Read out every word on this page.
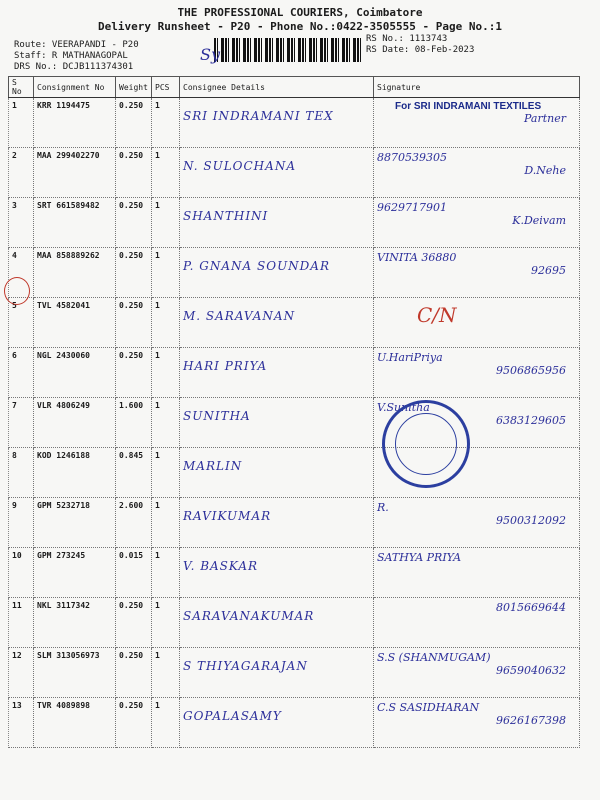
THE PROFESSIONAL COURIERS, Coimbatore
Delivery Runsheet - P20 - Phone No.:0422-3505555 - Page No.:1
Route: VEERAPANDI - P20
Staff: R MATHANAGOPAL
DRS No.: DCJB111374301
RS No.: 1113743
RS Date: 08-Feb-2023
Sy
S No	Consignment No	Weight	PCS	Consignee Details	Signature
1	KRR 1194475	0.250	1	SRI INDRAMANI TEX	For SRI INDRAMANI TEXTILES
Partner

2	MAA 299402270	0.250	1	N. SULOCHANA	8870539305
D.Nehe

3	SRT 661589482	0.250	1	SHANTHINI	9629717901
K.Deivam

4	MAA 858889262	0.250	1	P. GNANA SOUNDAR	VINITA 36880
92695

5	TVL 4582041	0.250	1	M. SARAVANAN	C/N

6	NGL 2430060	0.250	1	HARI PRIYA	U.HariPriya
9506865956

7	VLR 4806249	1.600	1	SUNITHA	V.Sunitha
6383129605

8	KOD 1246188	0.845	1	MARLIN	

9	GPM 5232718	2.600	1	RAVIKUMAR	R.
9500312092

10	GPM 273245	0.015	1	V. BASKAR	SATHYA PRIYA

11	NKL 3117342	0.250	1	SARAVANAKUMAR	8015669644

12	SLM 313056973	0.250	1	S THIYAGARAJAN	S.S (SHANMUGAM)
9659040632

13	TVR 4089898	0.250	1	GOPALASAMY	C.S SASIDHARAN
9626167398
